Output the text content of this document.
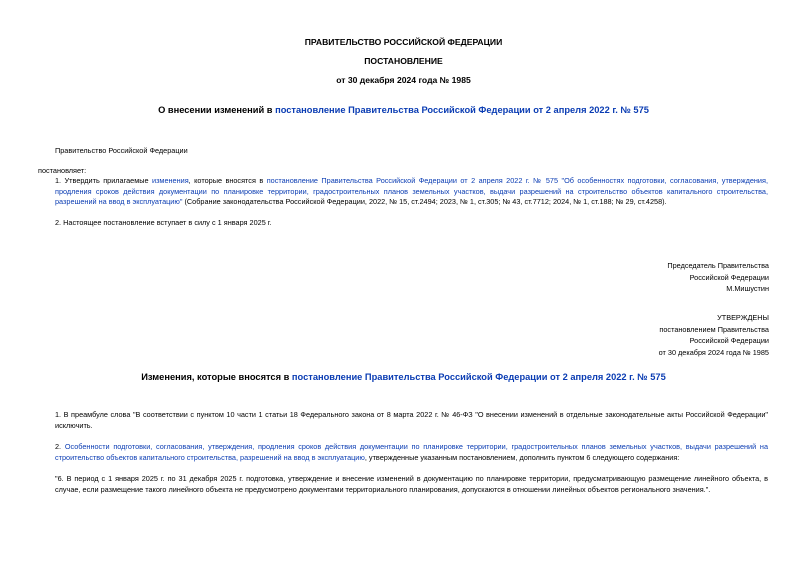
ПРАВИТЕЛЬСТВО РОССИЙСКОЙ ФЕДЕРАЦИИ
ПОСТАНОВЛЕНИЕ
от 30 декабря 2024 года № 1985
О внесении изменений в постановление Правительства Российской Федерации от 2 апреля 2022 г. № 575
Правительство Российской Федерации
постановляет:
1. Утвердить прилагаемые изменения, которые вносятся в постановление Правительства Российской Федерации от 2 апреля 2022 г. № 575 "Об особенностях подготовки, согласования, утверждения, продления сроков действия документации по планировке территории, градостроительных планов земельных участков, выдачи разрешений на строительство объектов капитального строительства, разрешений на ввод в эксплуатацию" (Собрание законодательства Российской Федерации, 2022, № 15, ст.2494; 2023, № 1, ст.305; № 43, ст.7712; 2024, № 1, ст.188; № 29, ст.4258).
2. Настоящее постановление вступает в силу с 1 января 2025 г.
Председатель Правительства
Российской Федерации
М.Мишустин
УТВЕРЖДЕНЫ
постановлением Правительства
Российской Федерации
от 30 декабря 2024 года № 1985
Изменения, которые вносятся в постановление Правительства Российской Федерации от 2 апреля 2022 г. № 575
1. В преамбуле слова "В соответствии с пунктом 10 части 1 статьи 18 Федерального закона от 8 марта 2022 г. № 46-ФЗ "О внесении изменений в отдельные законодательные акты Российской Федерации" исключить.
2. Особенности подготовки, согласования, утверждения, продления сроков действия документации по планировке территории, градостроительных планов земельных участков, выдачи разрешений на строительство объектов капитального строительства, разрешений на ввод в эксплуатацию, утвержденные указанным постановлением, дополнить пунктом 6 следующего содержания:
"6. В период с 1 января 2025 г. по 31 декабря 2025 г. подготовка, утверждение и внесение изменений в документацию по планировке территории, предусматривающую размещение линейного объекта, в случае, если размещение такого линейного объекта не предусмотрено документами территориального планирования, допускаются в отношении линейных объектов регионального значения.".
